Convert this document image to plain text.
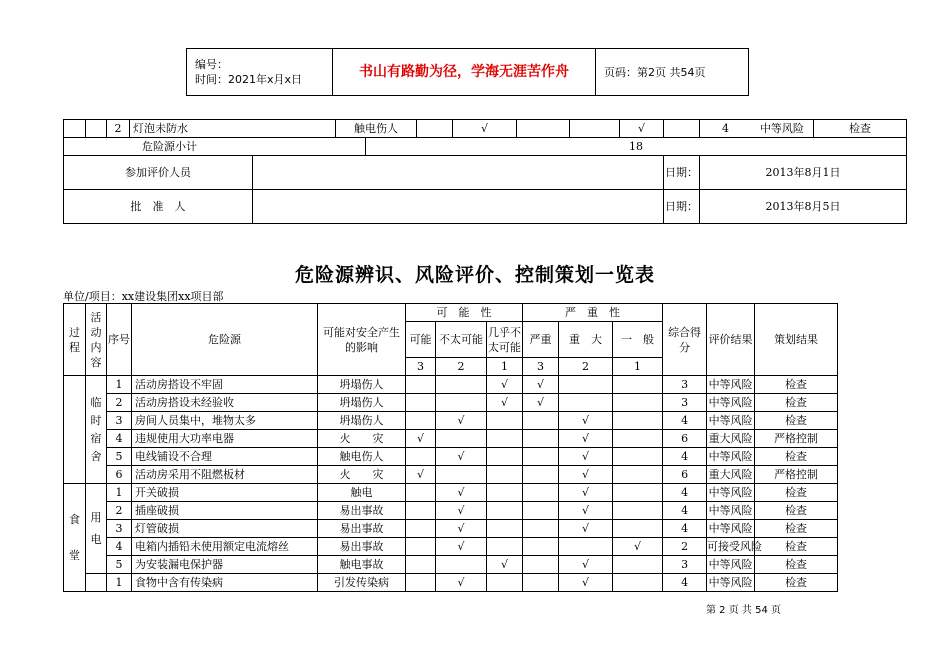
编号：
时间：2021年x月x日	书山有路勤为径，学海无涯苦作舟	页码：第2页 共54页
		2	灯泡未防水		触电伤人			√			√		4 中等风险	检查
危险源小计						18								
参加评价人员												日期：	2013年8月1日	
批　准　人												日期：	2013年8月5日	
危险源辨识、风险评价、控制策划一览表
单位/项目：xx建设集团xx项目部
过程	活动内容	序号	危险源	可能对安全产生的影响	可　能　性			严　重　性			综合得分	评价结果	策划结果
					可能	不太可能	几乎不太可能	严重	重　大	一　般			
					3	2	1	3	2	1			
	临时宿舍	1	活动房搭设不牢固	坍塌伤人			√	√			3	中等风险	检查
		2	活动房搭设未经验收	坍塌伤人			√	√			3	中等风险	检查
		3	房间人员集中，堆物太多	坍塌伤人		√			√		4	中等风险	检查
		4	违规使用大功率电器	火　　灾	√				√		6	重大风险	严格控制
		5	电线铺设不合理	触电伤人		√			√		4	中等风险	检查
		6	活动房采用不阻燃板材	火　　灾	√				√		6	重大风险	严格控制
食堂	用电	1	开关破损	触电		√			√		4	中等风险	检查
		2	插座破损	易出事故		√			√		4	中等风险	检查
		3	灯管破损	易出事故		√			√		4	中等风险	检查
		4	电箱内插铅未使用额定电流熔丝	易出事故		√				√	2	可接受风险	检查
		5	为安装漏电保护器	触电事故			√		√		3	中等风险	检查
		1	食物中含有传染病	引发传染病		√			√		4	中等风险	检查
第 2 页 共 54 页
